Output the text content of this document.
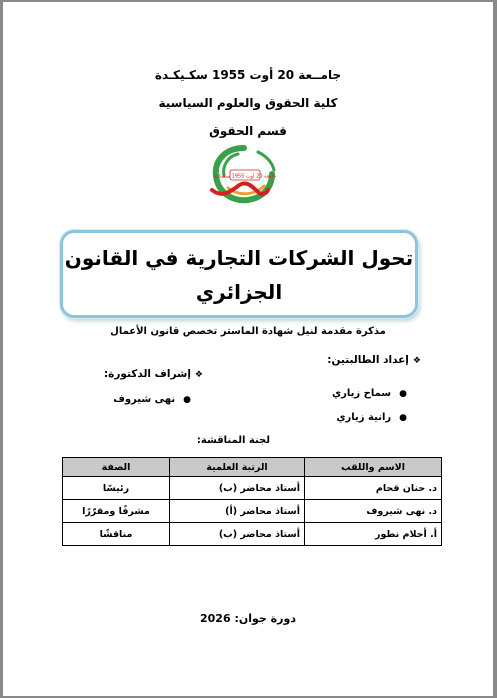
جامــعة 20 أوت 1955 سكـيكـدة
كلية الحقوق والعلوم السياسية
قسم الحقوق
جامعة 20 أوت 1955 سكيكدة
تحول الشركات التجارية في القانون الجزائري
مذكرة مقدمة لنيل شهادة الماستر تخصص قانون الأعمال
❖إعداد الطالبتين:
●سماح زياري
●رانية زياري
❖إشراف الدكتورة:
●نهى شيروف
لجنة المناقشة:
الاسم واللقب	الرتبة العلمية	الصفة
د. حنان قحام	أستاذ محاضر (ب)	رئيسًا
د. نهى شيروف	أستاذ محاضر (أ)	مشرفًا ومقرّرًا
أ. أحلام نطور	أستاذ محاضر (ب)	مناقشًا
دورة جوان: 2026
